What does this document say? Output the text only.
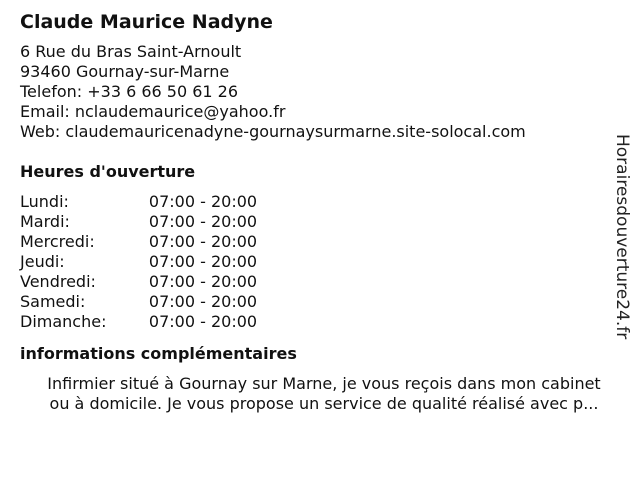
Claude Maurice Nadyne
6 Rue du Bras Saint-Arnoult
93460 Gournay-sur-Marne
Telefon: +33 6 66 50 61 26
Email: nclaudemaurice@yahoo.fr
Web: claudemauricenadyne-gournaysurmarne.site-solocal.com
Heures d'ouverture
Lundi:	07:00 - 20:00
Mardi:	07:00 - 20:00
Mercredi:	07:00 - 20:00
Jeudi:	07:00 - 20:00
Vendredi:	07:00 - 20:00
Samedi:	07:00 - 20:00
Dimanche:	07:00 - 20:00
informations complémentaires
Infirmier situé à Gournay sur Marne, je vous reçois dans mon cabinet
ou à domicile. Je vous propose un service de qualité réalisé avec p...
Horairesdouverture24.fr
